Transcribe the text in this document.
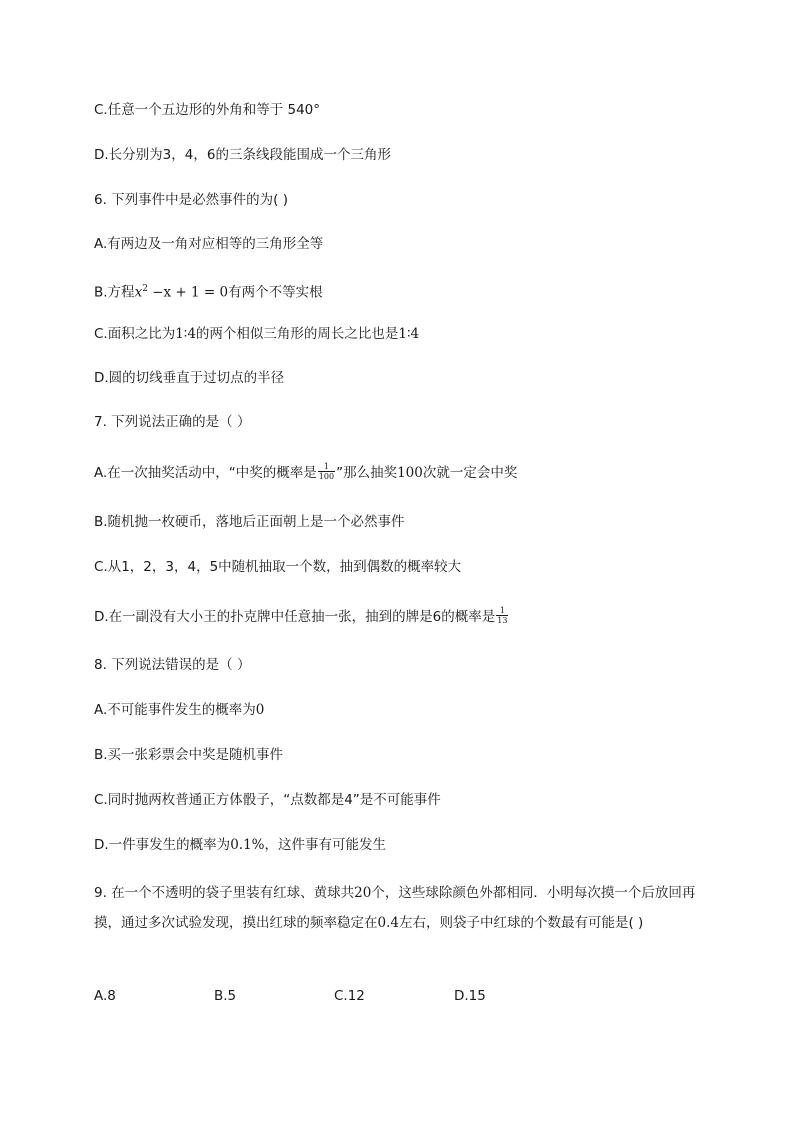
C.任意一个五边形的外角和等于 540°
D.长分别为3，4，6的三条线段能围成一个三角形
6. 下列事件中是必然事件的为( )
A.有两边及一角对应相等的三角形全等
B.方程$x^2 -x + 1 = 0$有两个不等实根
C.面积之比为1∶4的两个相似三角形的周长之比也是1∶4
D.圆的切线垂直于过切点的半径
7. 下列说法正确的是（ ）
A.在一次抽奖活动中，“中奖的概率是 $\frac{1}{100}$ ”那么抽奖100次就一定会中奖
B.随机抛一枚硬币，落地后正面朝上是一个必然事件
C.从1，2，3，4，5中随机抽取一个数，抽到偶数的概率较大
D.在一副没有大小王的扑克牌中任意抽一张，抽到的牌是6的概率是 $\frac{1}{13}$
8. 下列说法错误的是（ ）
A.不可能事件发生的概率为0
B.买一张彩票会中奖是随机事件
C.同时抛两枚普通正方体骰子，“点数都是4”是不可能事件
D.一件事发生的概率为0.1%，这件事有可能发生
9. 在一个不透明的袋子里装有红球、黄球共20个，这些球除颜色外都相同．小明每次摸一个后放回再摸，通过多次试验发现，摸出红球的频率稳定在0.4左右，则袋子中红球的个数最有可能是( )
A.8	B.5	C.12	D.15
